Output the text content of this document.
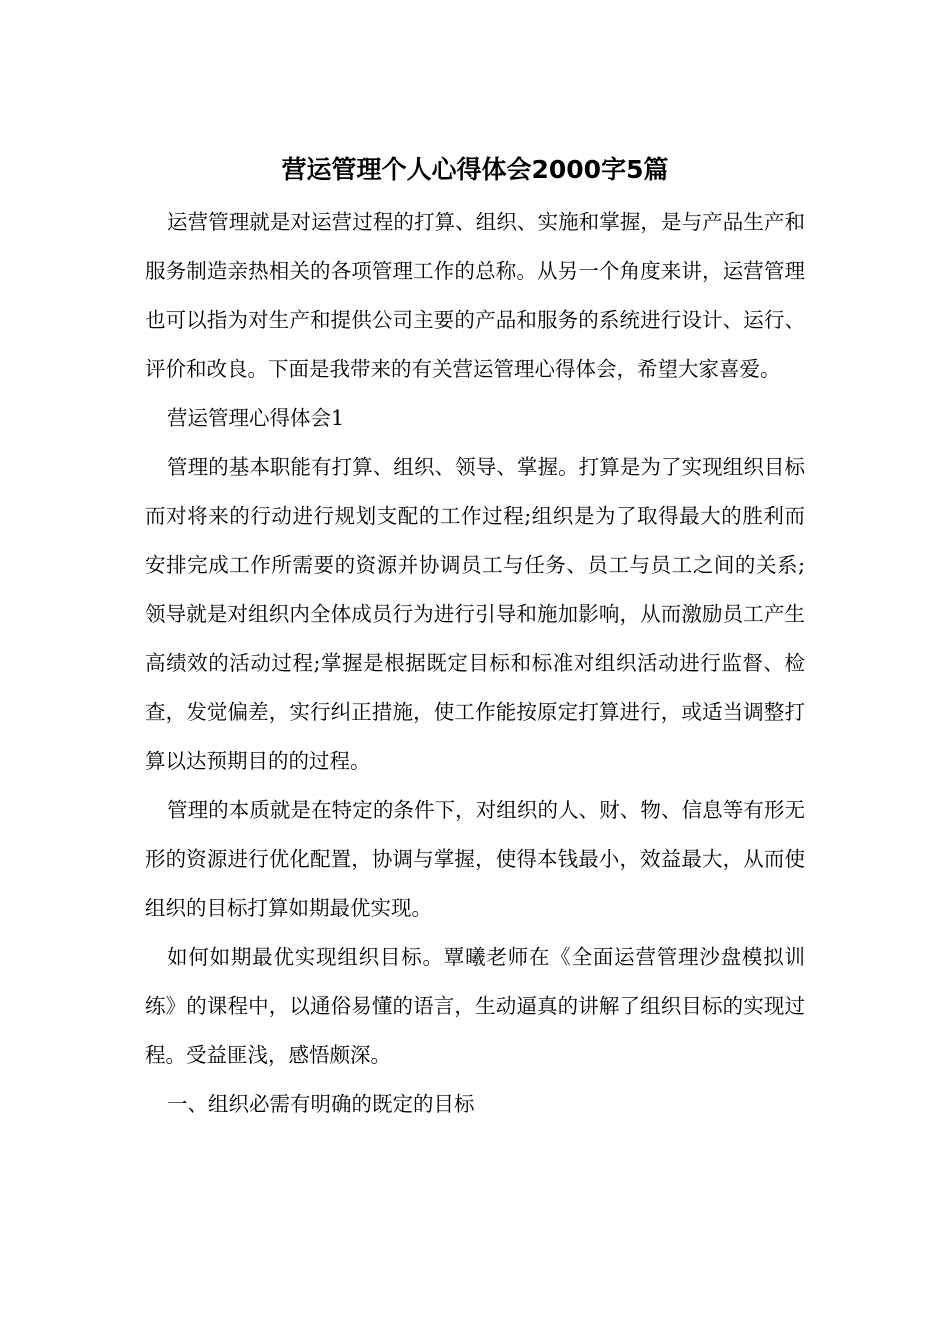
营运管理个人心得体会2000字5篇

运营管理就是对运营过程的打算、组织、实施和掌握，是与产品生产和服务制造亲热相关的各项管理工作的总称。从另一个角度来讲，运营管理也可以指为对生产和提供公司主要的产品和服务的系统进行设计、运行、评价和改良。下面是我带来的有关营运管理心得体会，希望大家喜爱。

营运管理心得体会1

管理的基本职能有打算、组织、领导、掌握。打算是为了实现组织目标而对将来的行动进行规划支配的工作过程;组织是为了取得最大的胜利而安排完成工作所需要的资源并协调员工与任务、员工与员工之间的关系;领导就是对组织内全体成员行为进行引导和施加影响，从而激励员工产生高绩效的活动过程;掌握是根据既定目标和标准对组织活动进行监督、检查，发觉偏差，实行纠正措施，使工作能按原定打算进行，或适当调整打算以达预期目的的过程。

管理的本质就是在特定的条件下，对组织的人、财、物、信息等有形无形的资源进行优化配置，协调与掌握，使得本钱最小，效益最大，从而使组织的目标打算如期最优实现。

如何如期最优实现组织目标。覃曦老师在《全面运营管理沙盘模拟训练》的课程中，以通俗易懂的语言，生动逼真的讲解了组织目标的实现过程。受益匪浅，感悟颇深。

一、组织必需有明确的既定的目标
